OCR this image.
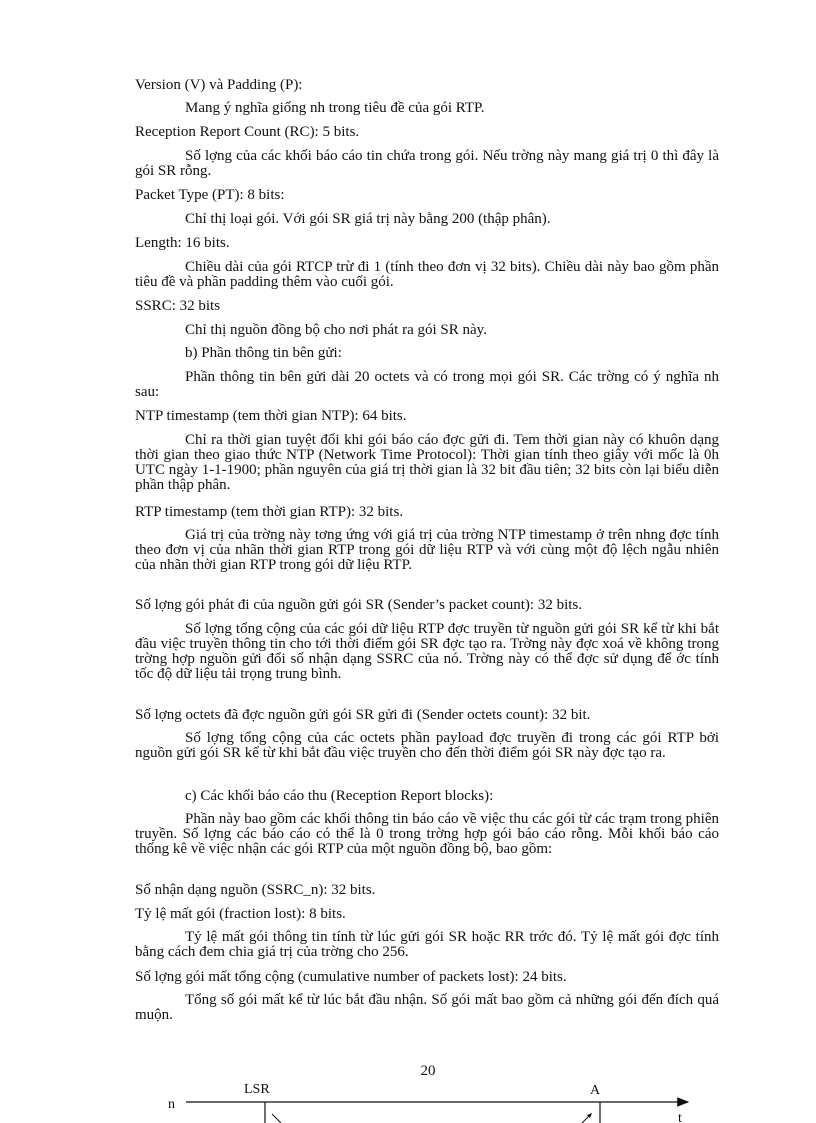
Version (V) và Padding (P):
Mang ý nghĩa giống nh trong tiêu đề của gói RTP.
Reception Report Count (RC): 5 bits.
Số lợng của các khối báo cáo tin chứa trong gói. Nếu trờng này mang giá trị 0 thì đây là gói SR rỗng.
Packet Type (PT): 8 bits:
Chỉ thị loại gói. Với gói SR giá trị này bằng 200 (thập phân).
Length: 16 bits.
Chiều dài của gói RTCP trừ đi 1 (tính theo đơn vị 32 bits). Chiều dài này bao gồm phần tiêu đề và phần padding thêm vào cuối gói.
SSRC: 32 bits
Chỉ thị nguồn đồng bộ cho nơi phát ra gói SR này.
b) Phần thông tin bên gửi:
Phần thông tin bên gửi dài 20 octets và có trong mọi gói SR. Các trờng có ý nghĩa nh sau:
NTP timestamp (tem thời gian NTP): 64 bits.
Chỉ ra thời gian tuyệt đối khi gói báo cáo đợc gửi đi. Tem thời gian này có khuôn dạng thời gian theo giao thức NTP (Network Time Protocol): Thời gian tính theo giây với mốc là 0h UTC ngày 1-1-1900; phần nguyên của giá trị thời gian là 32 bit đầu tiên; 32 bits còn lại biểu diễn phần thập phân.
RTP timestamp (tem thời gian RTP): 32 bits.
Giá trị của trờng này tơng ứng với giá trị của trờng NTP timestamp ở trên nhng đợc tính theo đơn vị của nhãn thời gian RTP trong gói dữ liệu RTP và với cùng một độ lệch ngẫu nhiên của nhãn thời gian RTP trong gói dữ liệu RTP.
Số lợng gói phát đi của nguồn gửi gói SR (Sender’s packet count): 32 bits.
Số lợng tổng cộng của các gói dữ liệu RTP đợc truyền từ nguồn gửi gói SR kể từ khi bắt đầu việc truyền thông tin cho tới thời điểm gói SR đợc tạo ra. Trờng này đợc xoá về không trong trờng hợp nguồn gửi đổi số nhận dạng SSRC của nó. Trờng này có thể đợc sử dụng để ớc tính tốc độ dữ liệu tải trọng trung bình.
Số lợng octets đã đợc nguồn gửi gói SR gửi đi (Sender octets count): 32 bit.
Số lợng tổng cộng của các octets phần payload đợc truyền đi trong các gói RTP bởi nguồn gửi gói SR kể từ khi bắt đầu việc truyền cho đến thời điểm gói SR này đợc tạo ra.
c) Các khối báo cáo thu (Reception Report blocks):
Phần này bao gồm các khối thông tin báo cáo về việc thu các gói từ các trạm trong phiên truyền. Số lợng các báo cáo có thể là 0 trong trờng hợp gói báo cáo rỗng. Mỗi khối báo cáo thống kê về việc nhận các gói RTP của một nguồn đồng bộ, bao gồm:
Số nhận dạng nguồn (SSRC_n): 32 bits.
Tỷ lệ mất gói (fraction lost): 8 bits.
Tỷ lệ mất gói thông tin tính từ lúc gửi gói SR hoặc RR trớc đó. Tỷ lệ mất gói đợc tính bằng cách đem chia giá trị của trờng cho 256.
Số lợng gói mất tổng cộng (cumulative number of packets lost): 24 bits.
Tổng số gói mất kể từ lúc bắt đầu nhận. Số gói mất bao gồm cả những gói đến đích quá muộn.
20
n
LSR	A
t
